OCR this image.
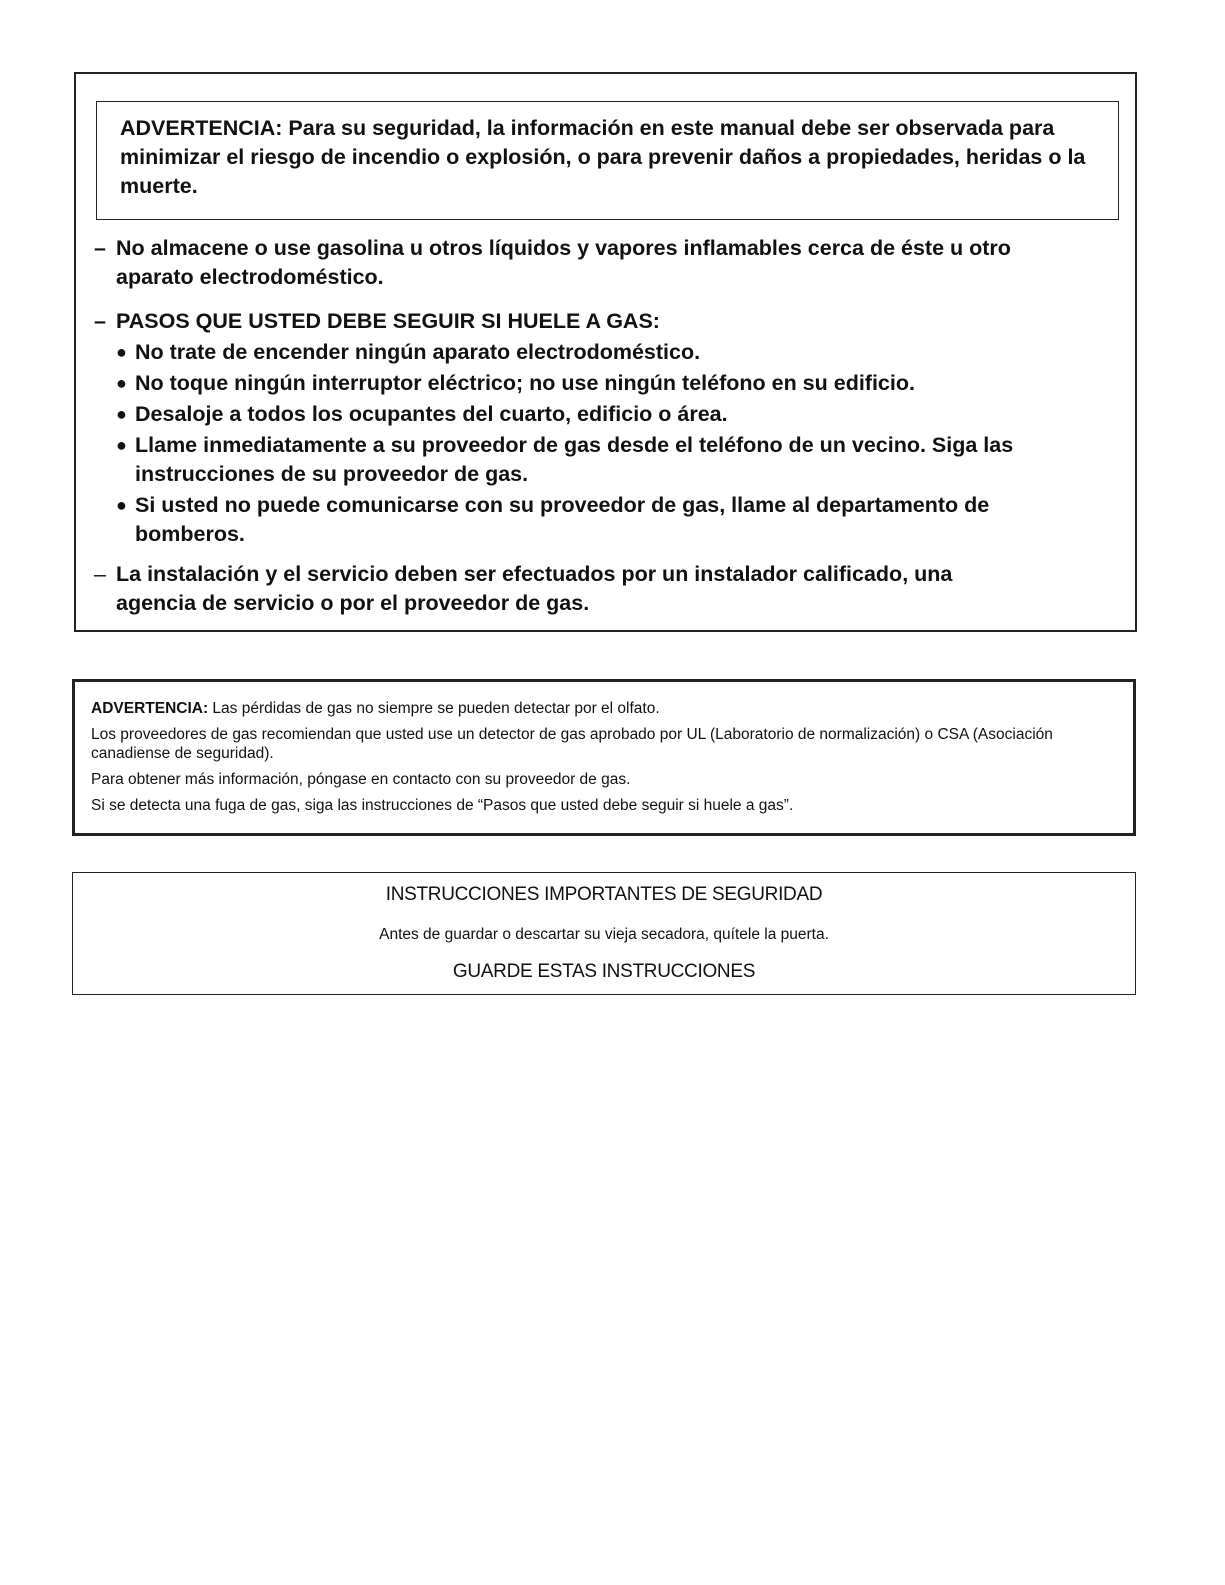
ADVERTENCIA: Para su seguridad, la información en este manual debe ser observada para minimizar el riesgo de incendio o explosión, o para prevenir daños a propiedades, heridas o la muerte.
– No almacene o use gasolina u otros líquidos y vapores inflamables cerca de éste u otro
aparato electrodoméstico.
– PASOS QUE USTED DEBE SEGUIR SI HUELE A GAS:
● No trate de encender ningún aparato electrodoméstico.
● No toque ningún interruptor eléctrico; no use ningún teléfono en su edificio.
● Desaloje a todos los ocupantes del cuarto, edificio o área.
● Llame inmediatamente a su proveedor de gas desde el teléfono de un vecino. Siga las instrucciones de su proveedor de gas.
● Si usted no puede comunicarse con su proveedor de gas, llame al departamento de bomberos.
– La instalación y el servicio deben ser efectuados por un instalador calificado, una
agencia de servicio o por el proveedor de gas.

ADVERTENCIA: Las pérdidas de gas no siempre se pueden detectar por el olfato.

Los proveedores de gas recomiendan que usted use un detector de gas aprobado por UL (Laboratorio de normalización) o CSA (Asociación canadiense de seguridad).

Para obtener más información, póngase en contacto con su proveedor de gas.

Si se detecta una fuga de gas, siga las instrucciones de “Pasos que usted debe seguir si huele a gas”.

INSTRUCCIONES IMPORTANTES DE SEGURIDAD
Antes de guardar o descartar su vieja secadora, quítele la puerta.
GUARDE ESTAS INSTRUCCIONES
